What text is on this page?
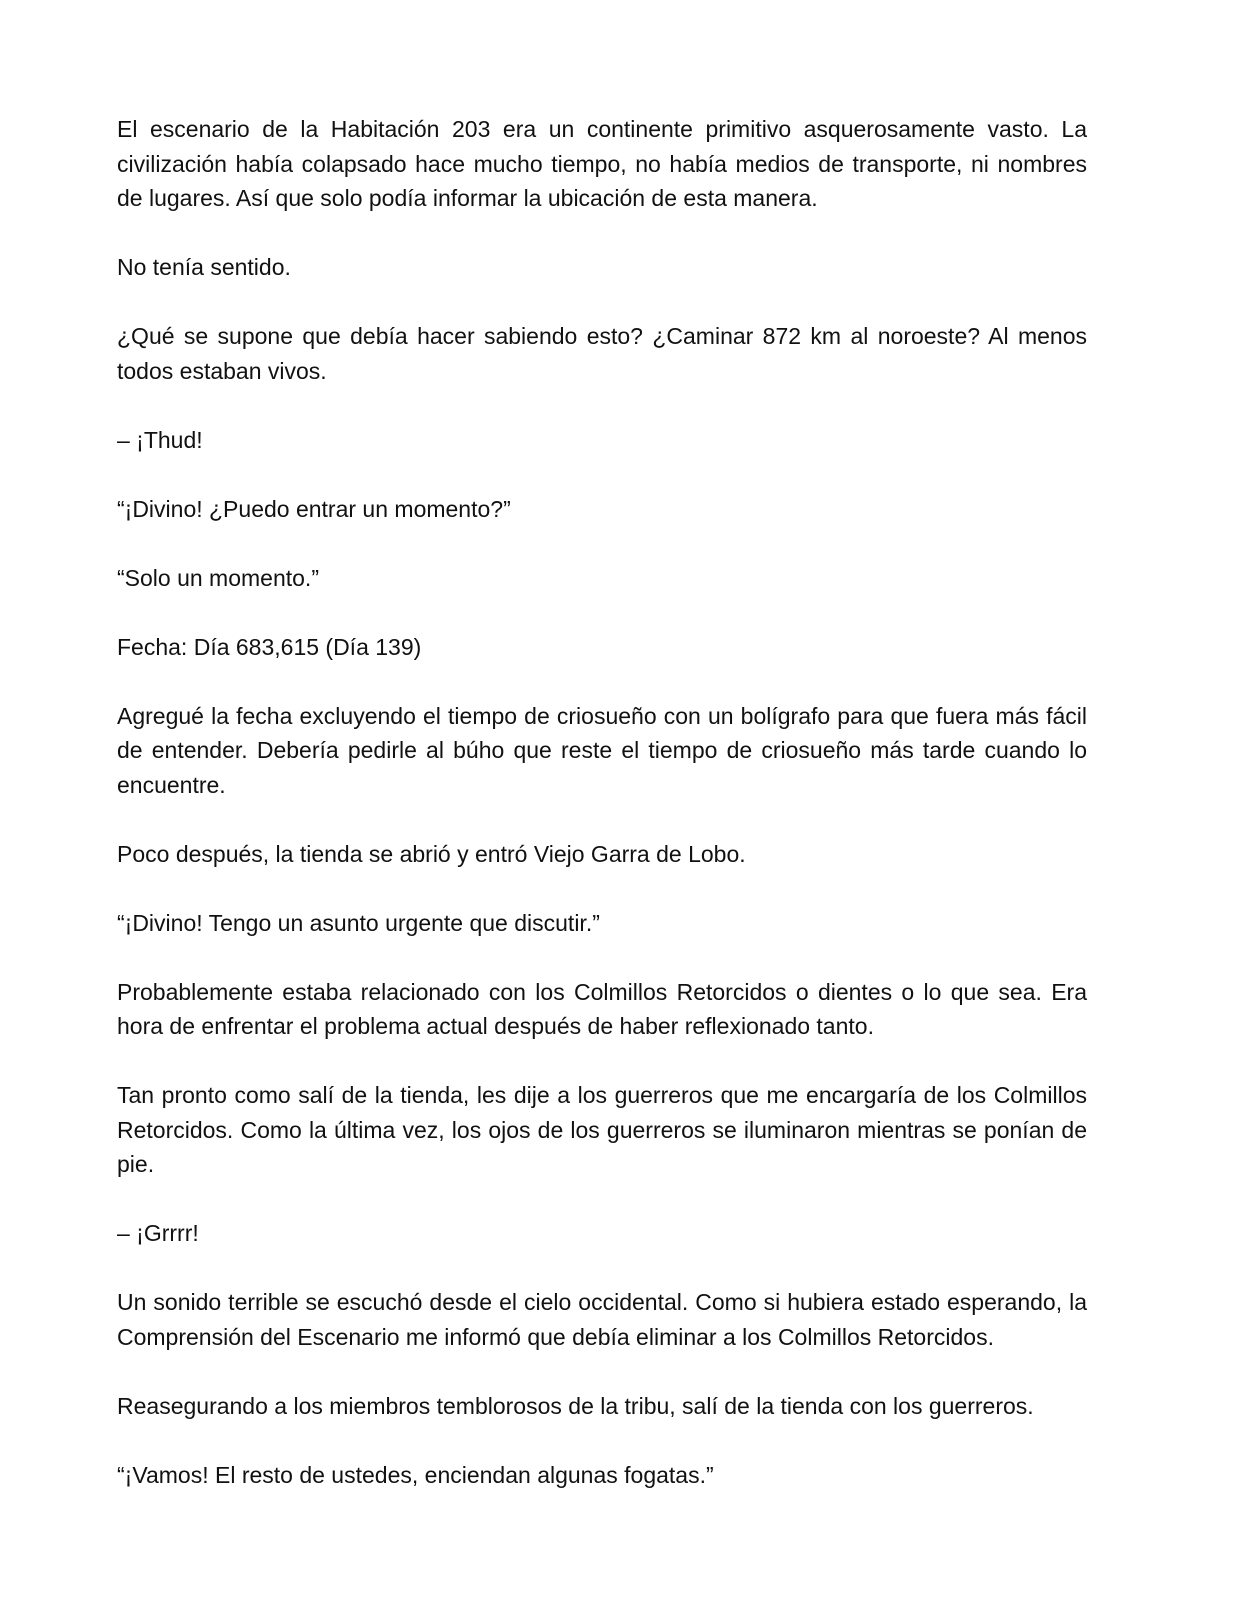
El escenario de la Habitación 203 era un continente primitivo asquerosamente vasto. La civilización había colapsado hace mucho tiempo, no había medios de transporte, ni nombres de lugares. Así que solo podía informar la ubicación de esta manera.

No tenía sentido.

¿Qué se supone que debía hacer sabiendo esto? ¿Caminar 872 km al noroeste? Al menos todos estaban vivos.

– ¡Thud!

“¡Divino! ¿Puedo entrar un momento?”

“Solo un momento.”

Fecha: Día 683,615 (Día 139)

Agregué la fecha excluyendo el tiempo de criosueño con un bolígrafo para que fuera más fácil de entender. Debería pedirle al búho que reste el tiempo de criosueño más tarde cuando lo encuentre.

Poco después, la tienda se abrió y entró Viejo Garra de Lobo.

“¡Divino! Tengo un asunto urgente que discutir.”

Probablemente estaba relacionado con los Colmillos Retorcidos o dientes o lo que sea. Era hora de enfrentar el problema actual después de haber reflexionado tanto.

Tan pronto como salí de la tienda, les dije a los guerreros que me encargaría de los Colmillos Retorcidos. Como la última vez, los ojos de los guerreros se iluminaron mientras se ponían de pie.

– ¡Grrrr!

Un sonido terrible se escuchó desde el cielo occidental. Como si hubiera estado esperando, la Comprensión del Escenario me informó que debía eliminar a los Colmillos Retorcidos.

Reasegurando a los miembros temblorosos de la tribu, salí de la tienda con los guerreros.

“¡Vamos! El resto de ustedes, enciendan algunas fogatas.”
